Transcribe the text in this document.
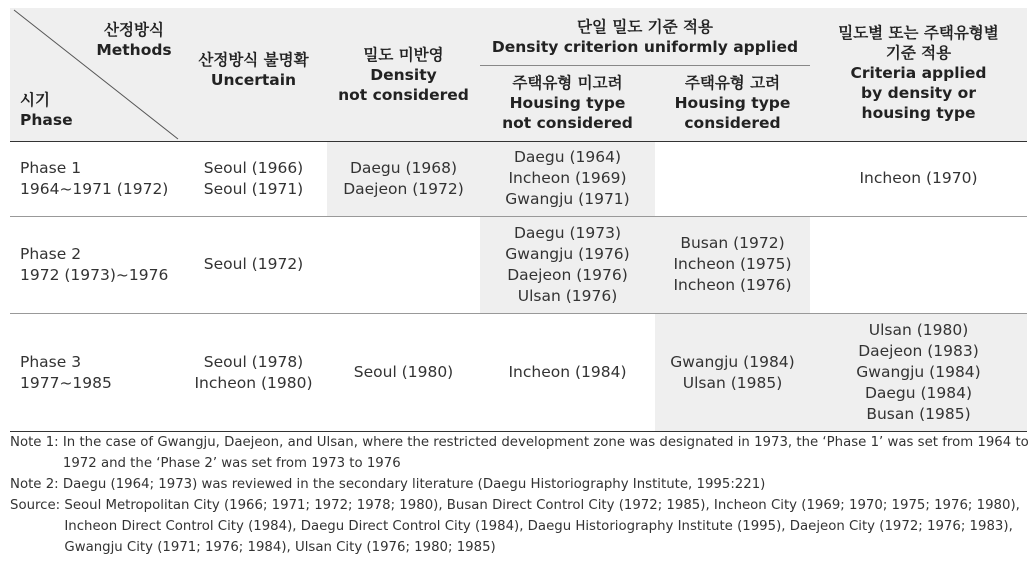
산정방식
Methods
시기
Phase
산정방식 불명확
Uncertain
밀도 미반영
Density
not considered
단일 밀도 기준 적용
Density criterion uniformly applied
주택유형 미고려
Housing type
not considered
주택유형 고려
Housing type
considered
밀도별 또는 주택유형별
기준 적용
Criteria applied
by density or
housing type
Phase 1
1964~1971 (1972)
Seoul (1966)
Seoul (1971)
Daegu (1968)
Daejeon (1972)
Daegu (1964)
Incheon (1969)
Gwangju (1971)
Incheon (1970)
Phase 2
1972 (1973)~1976
Seoul (1972)
Daegu (1973)
Gwangju (1976)
Daejeon (1976)
Ulsan (1976)
Busan (1972)
Incheon (1975)
Incheon (1976)
Phase 3
1977~1985
Seoul (1978)
Incheon (1980)
Seoul (1980)	Incheon (1984)
Gwangju (1984)
Ulsan (1985)
Ulsan (1980)
Daejeon (1983)
Gwangju (1984)
Daegu (1984)
Busan (1985)
Note 1: In the case of Gwangju, Daejeon, and Ulsan, where the restricted development zone was designated in 1973, the ‘Phase 1’ was set from 1964 to
1972 and the ‘Phase 2’ was set from 1973 to 1976
Note 2: Daegu (1964; 1973) was reviewed in the secondary literature (Daegu Historiography Institute, 1995:221)
Source: Seoul Metropolitan City (1966; 1971; 1972; 1978; 1980), Busan Direct Control City (1972; 1985), Incheon City (1969; 1970; 1975; 1976; 1980),
Incheon Direct Control City (1984), Daegu Direct Control City (1984), Daegu Historiography Institute (1995), Daejeon City (1972; 1976; 1983),
Gwangju City (1971; 1976; 1984), Ulsan City (1976; 1980; 1985)
